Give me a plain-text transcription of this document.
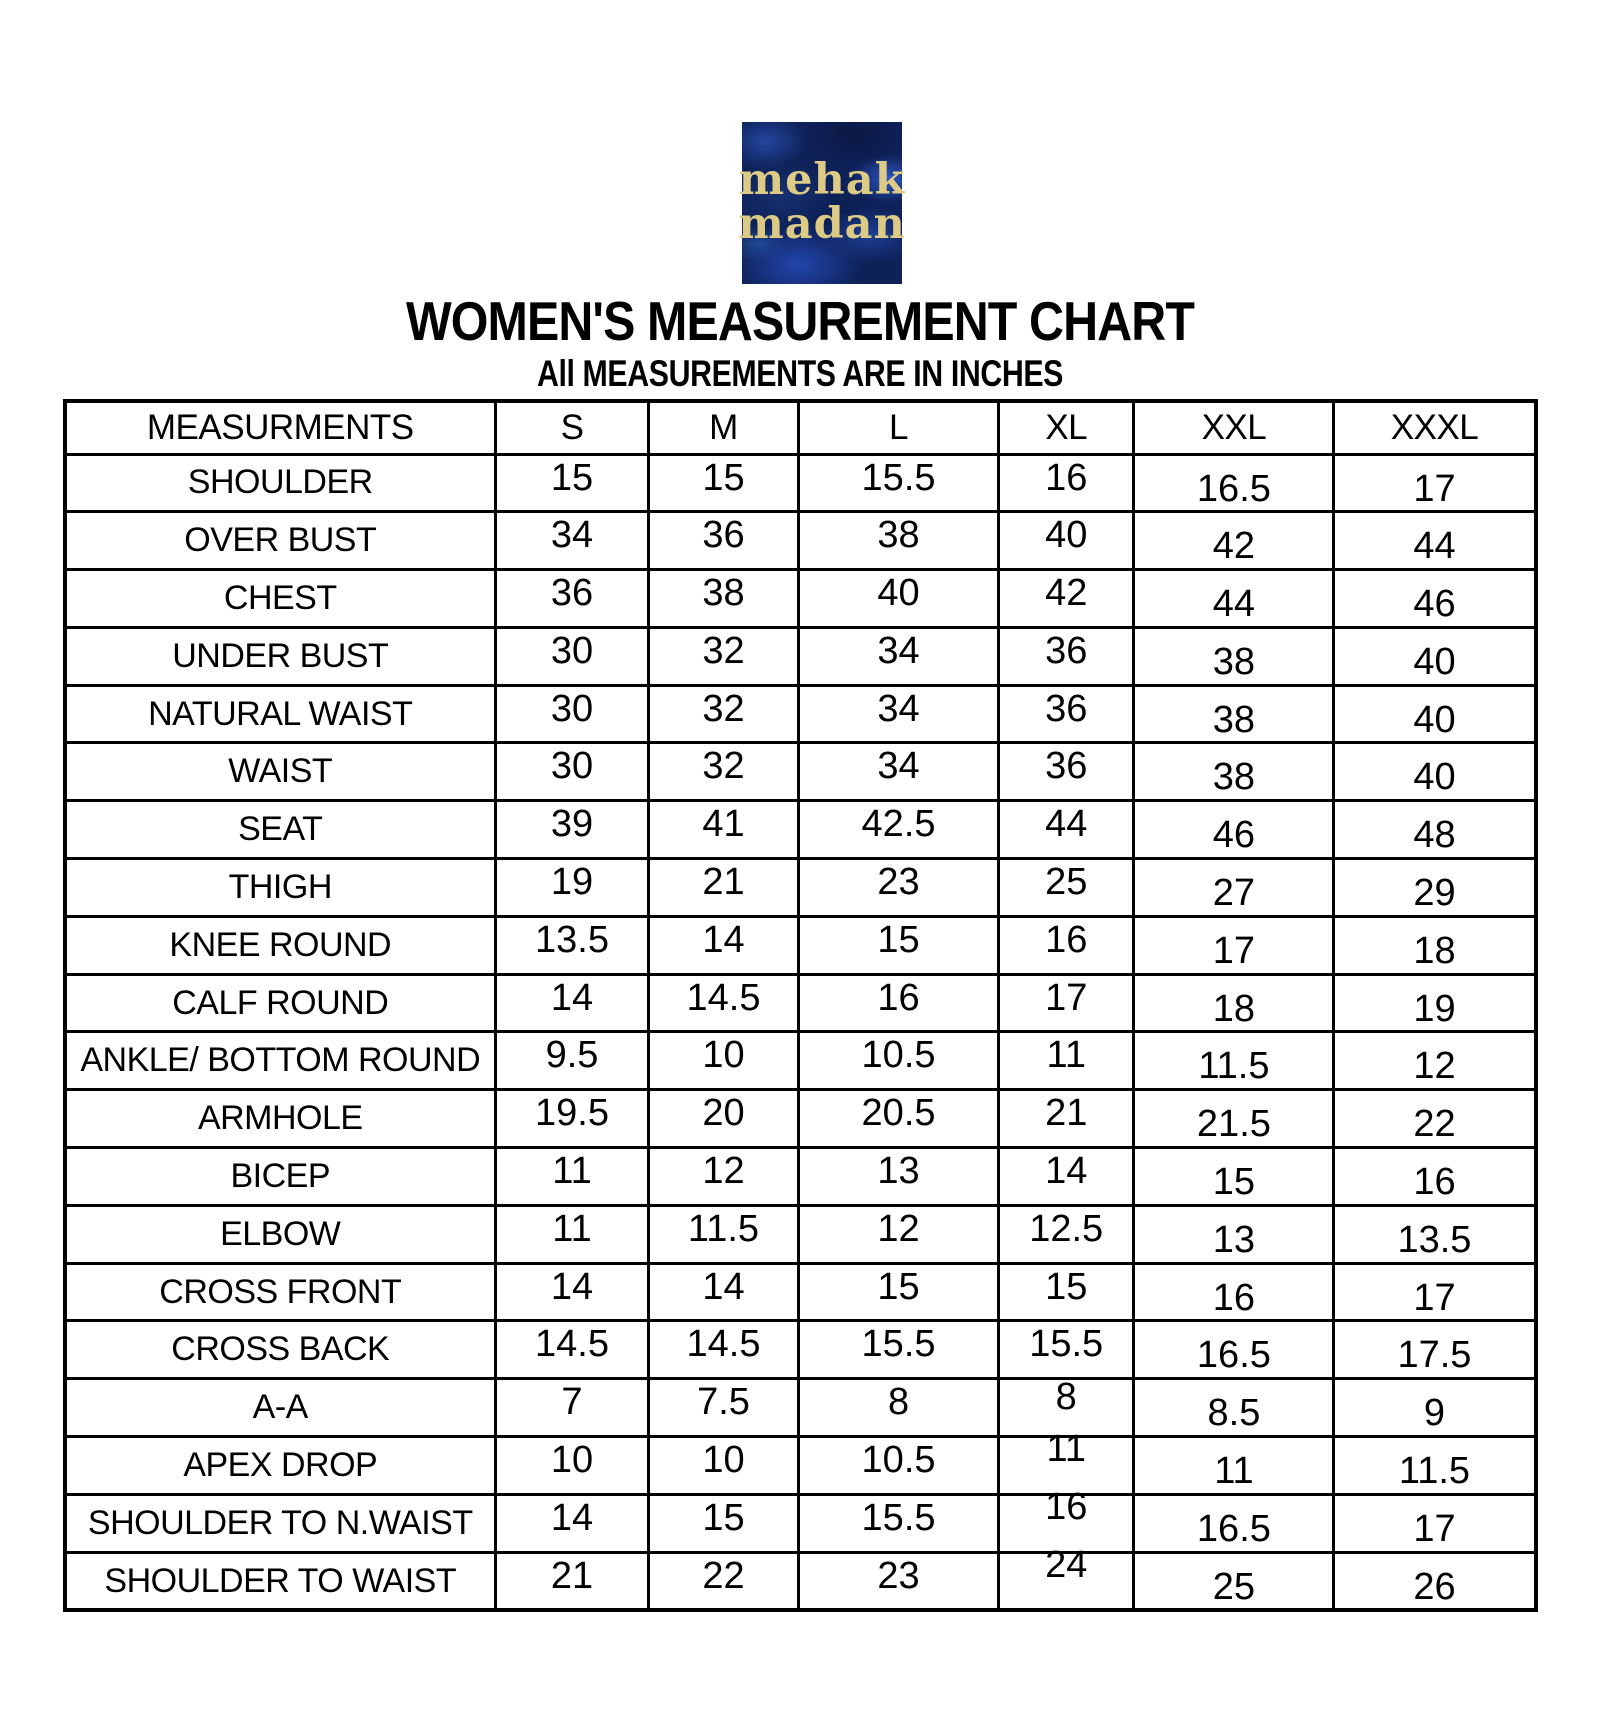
mehak
madan
WOMEN'S MEASUREMENT CHART
All MEASUREMENTS ARE IN INCHES
MEASURMENTS	S	M	L	XL	XXL	XXXL
SHOULDER	15	15	15.5	16	16.5	17

OVER BUST	34	36	38	40	42	44

CHEST	36	38	40	42	44	46

UNDER BUST	30	32	34	36	38	40

NATURAL WAIST	30	32	34	36	38	40

WAIST	30	32	34	36	38	40

SEAT	39	41	42.5	44	46	48

THIGH	19	21	23	25	27	29

KNEE ROUND	13.5	14	15	16	17	18

CALF ROUND	14	14.5	16	17	18	19

ANKLE/ BOTTOM ROUND	9.5	10	10.5	11	11.5	12

ARMHOLE	19.5	20	20.5	21	21.5	22

BICEP	11	12	13	14	15	16

ELBOW	11	11.5	12	12.5	13	13.5

CROSS FRONT	14	14	15	15	16	17

CROSS BACK	14.5	14.5	15.5	15.5	16.5	17.5

A-A	7	7.5	8	8	8.5	9

APEX DROP	10	10	10.5	11	11	11.5

SHOULDER TO N.WAIST	14	15	15.5	16	16.5	17

SHOULDER TO WAIST	21	22	23	24	25	26
